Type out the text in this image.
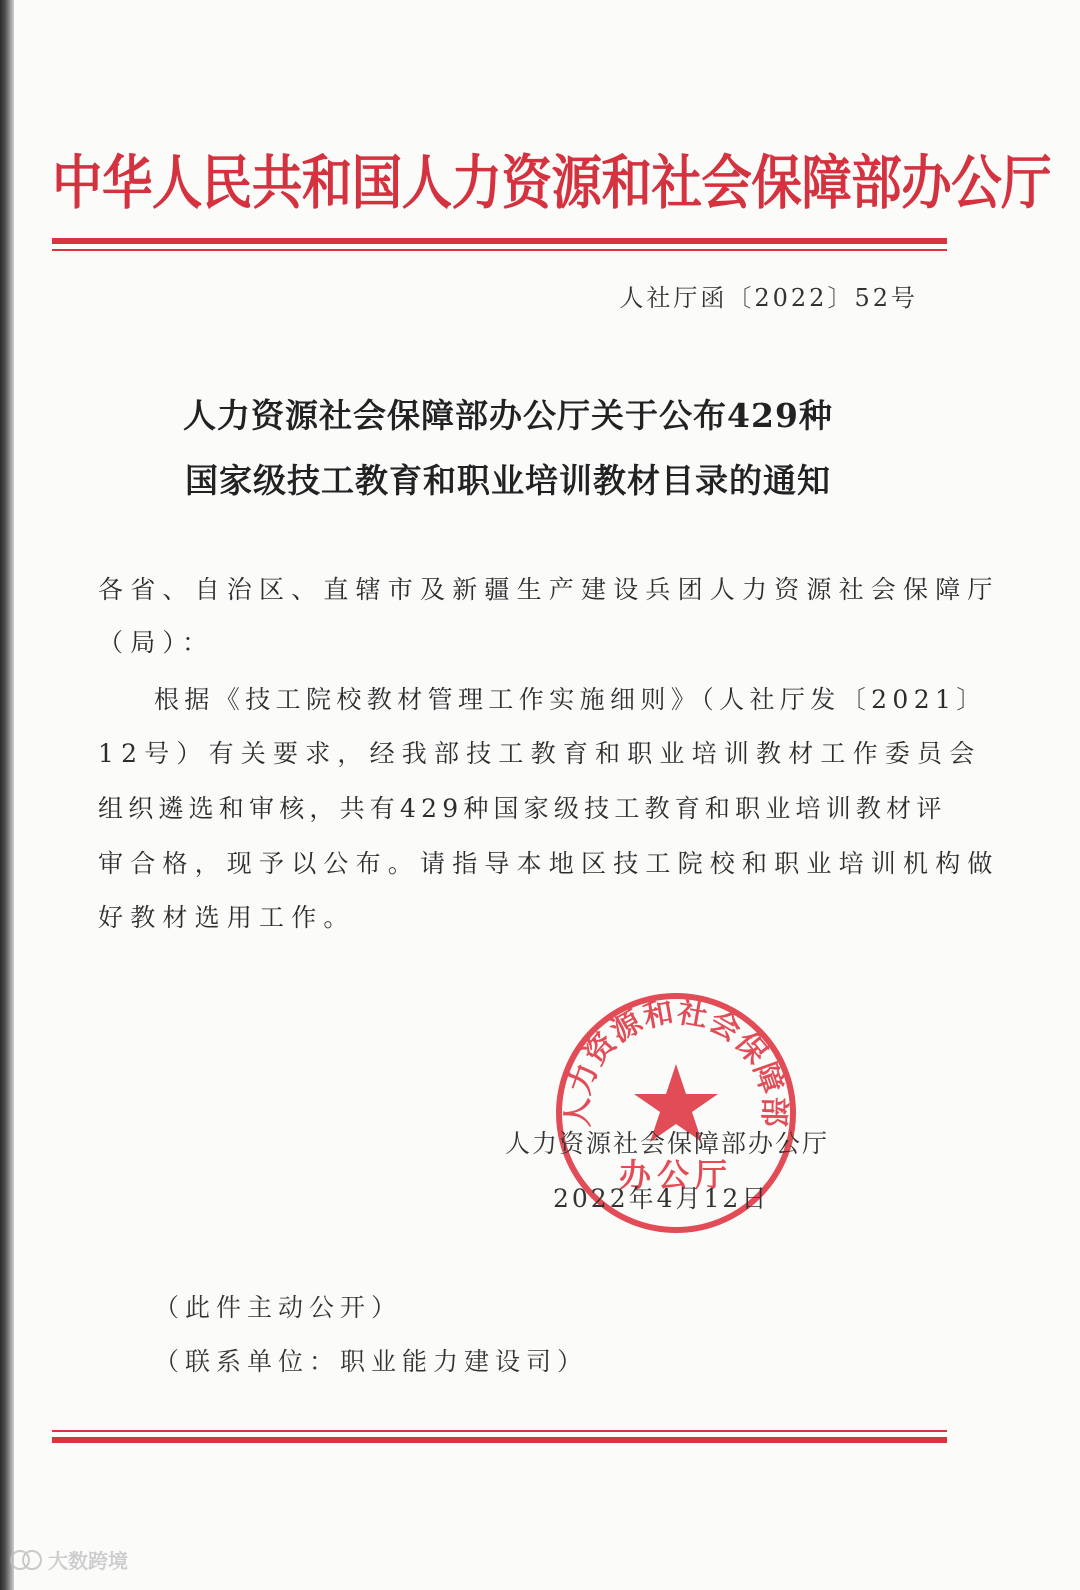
中华人民共和国人力资源和社会保障部办公厅
人社厅函〔2022〕52号
人力资源社会保障部办公厅关于公布429种
国家级技工教育和职业培训教材目录的通知
各省、自治区、直辖市及新疆生产建设兵团人力资源社会保障厅
（局）：
根据《技工院校教材管理工作实施细则》（人社厅发〔2021〕
12号）有关要求，经我部技工教育和职业培训教材工作委员会
组织遴选和审核，共有429种国家级技工教育和职业培训教材评
审合格，现予以公布。请指导本地区技工院校和职业培训机构做
好教材选用工作。
人力资源和社会保障部
办公厅
人力资源社会保障部办公厅
2022年4月12日
（此件主动公开）
（联系单位：职业能力建设司）
大数跨境
